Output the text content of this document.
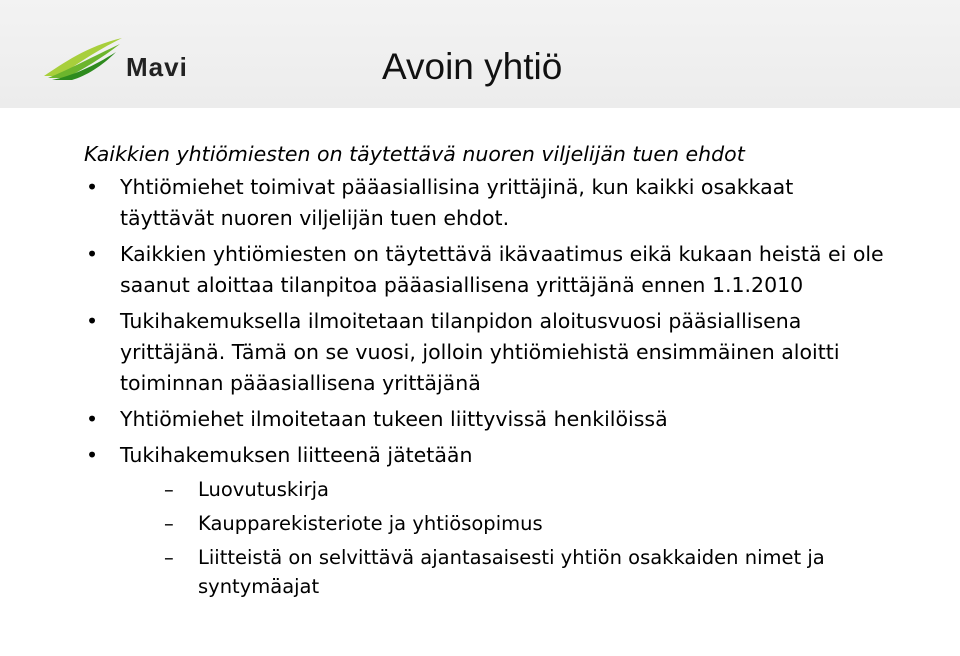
Mavi	Avoin yhtiö

Kaikkien yhtiömiesten on täytettävä nuoren viljelijän tuen ehdot

• Yhtiömiehet toimivat pääasiallisina yrittäjinä, kun kaikki osakkaat täyttävät nuoren viljelijän tuen ehdot.
• Kaikkien yhtiömiesten on täytettävä ikävaatimus eikä kukaan heistä ei ole saanut aloittaa tilanpitoa pääasiallisena yrittäjänä ennen 1.1.2010
• Tukihakemuksella ilmoitetaan tilanpidon aloitusvuosi pääsiallisena yrittäjänä. Tämä on se vuosi, jolloin yhtiömiehistä ensimmäinen aloitti toiminnan pääasiallisena yrittäjänä
• Yhtiömiehet ilmoitetaan tukeen liittyvissä henkilöissä
• Tukihakemuksen liitteenä jätetään
– Luovutuskirja
– Kaupparekisteriote ja yhtiösopimus
– Liitteistä on selvittävä ajantasaisesti yhtiön osakkaiden nimet ja syntymäajat
